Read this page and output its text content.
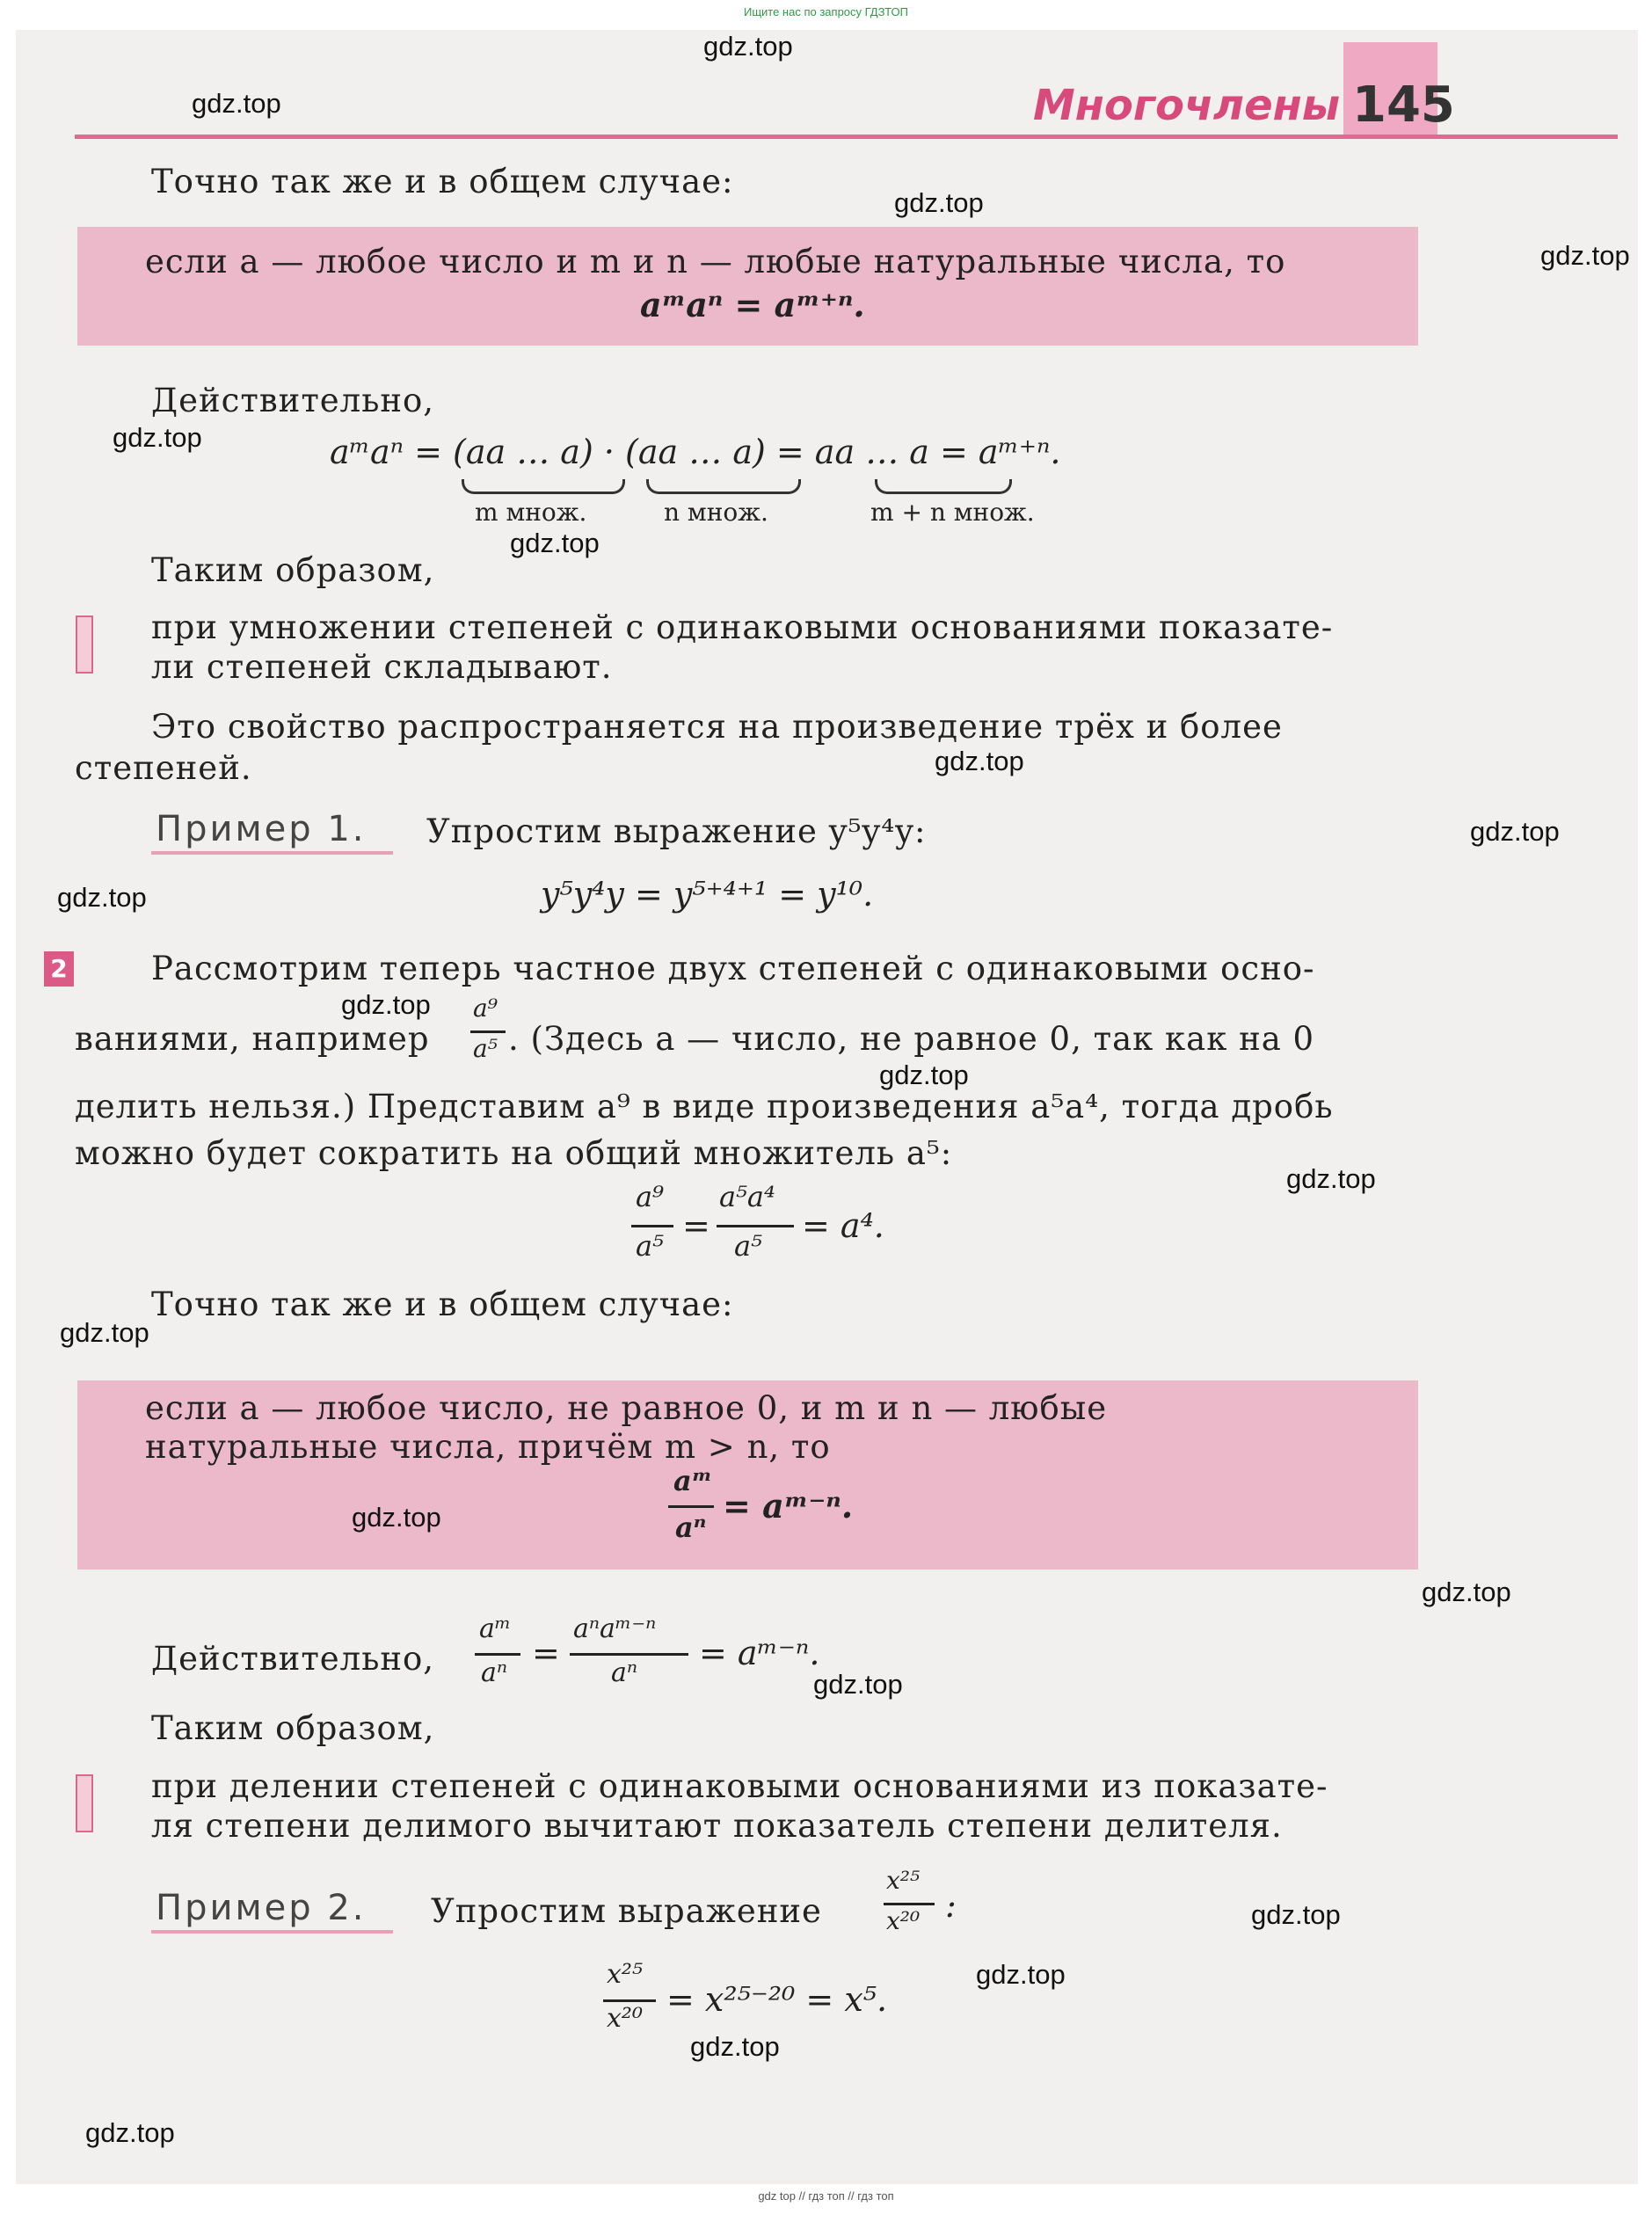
Ищите нас по запросу ГДЗТОП
Многочлены 145
Точно так же и в общем случае:
если a — любое число и m и n — любые натуральные числа, то
aᵐaⁿ = aᵐ⁺ⁿ.
Действительно,
aᵐaⁿ = (aa … a) · (aa … a) = aa … a = aᵐ⁺ⁿ.
m множ.	n множ.	m + n множ.
Таким образом,
при умножении степеней с одинаковыми основаниями показате-
ли степеней складывают.
Это свойство распространяется на произведение трёх и более
степеней.
Пример 1. Упростим выражение y⁵y⁴y:
y⁵y⁴y = y⁵⁺⁴⁺¹ = y¹⁰.
2	Рассмотрим теперь частное двух степеней с одинаковыми осно-
ваниями, например
a⁹
a⁵ . (Здесь a — число, не равное 0, так как на 0
делить нельзя.) Представим a⁹ в виде произведения a⁵a⁴, тогда дробь
можно будет сократить на общий множитель a⁵:
a⁹
a⁵
=
a⁵a⁴
a⁵
= a⁴.
Точно так же и в общем случае:
если a — любое число, не равное 0, и m и n — любые
натуральные числа, причём m > n, то
aᵐ
aⁿ
= aᵐ⁻ⁿ.
Действительно,
aᵐ
aⁿ
=
aⁿaᵐ⁻ⁿ
aⁿ
= aᵐ⁻ⁿ.
Таким образом,
при делении степеней с одинаковыми основаниями из показате-
ля степени делимого вычитают показатель степени делителя.
Пример 2. Упростим выражение
x²⁵
x²⁰ :
x²⁵
x²⁰ = x²⁵⁻²⁰ = x⁵.
gdz.top
gdz.top
gdz.top
gdz.top
gdz.top
gdz.top
gdz.top
gdz.top
gdz.top
gdz.top
gdz.top
gdz.top
gdz.top
gdz.top
gdz.top
gdz.top
gdz.top
gdz.top
gdz.top
gdz.top
gdz top // гдз топ // гдз топ
